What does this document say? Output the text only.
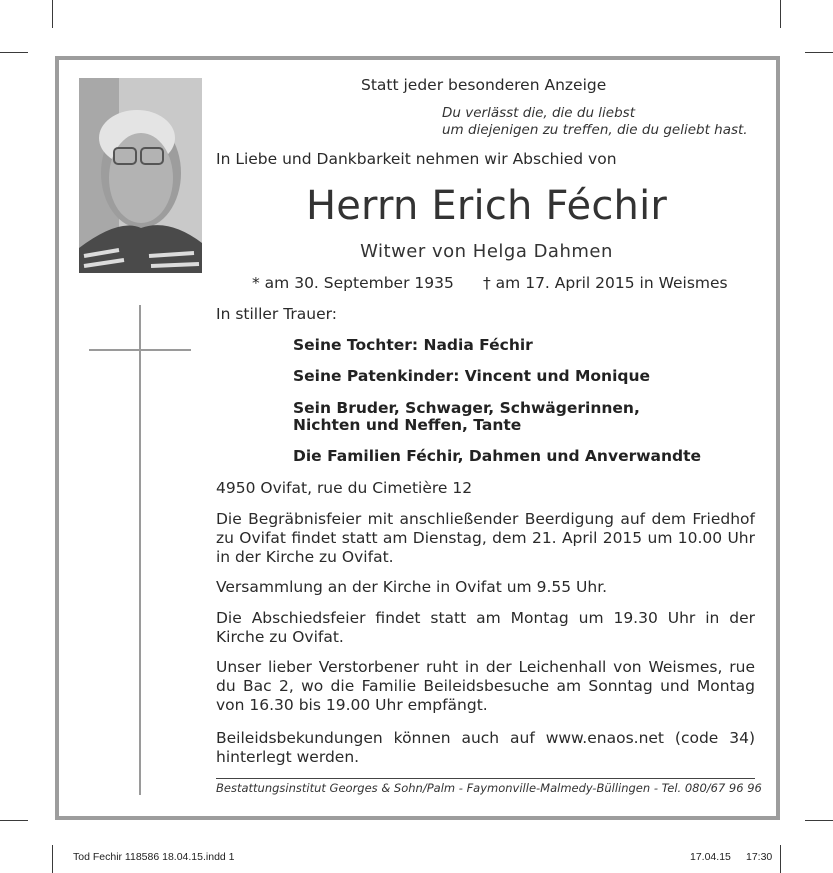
Statt jeder besonderen Anzeige
Du verlässt die, die du liebst
um diejenigen zu treffen, die du geliebt hast.
In Liebe und Dankbarkeit nehmen wir Abschied von
Herrn Erich Féchir
Witwer von Helga Dahmen
* am 30. September 1935 † am 17. April 2015 in Weismes
In stiller Trauer:
Seine Tochter: Nadia Féchir
Seine Patenkinder: Vincent und Monique
Sein Bruder, Schwager, Schwägerinnen,
Nichten und Neffen, Tante
Die Familien Féchir, Dahmen und Anverwandte
4950 Ovifat, rue du Cimetière 12
Die Begräbnisfeier mit anschließender Beerdigung auf dem Friedhof zu Ovifat findet statt am Dienstag, dem 21. April 2015 um 10.00 Uhr in der Kirche zu Ovifat.
Versammlung an der Kirche in Ovifat um 9.55 Uhr.
Die Abschiedsfeier findet statt am Montag um 19.30 Uhr in der Kirche zu Ovifat.
Unser lieber Verstorbener ruht in der Leichenhall von Weismes, rue du Bac 2, wo die Familie Beileidsbesuche am Sonntag und Montag von 16.30 bis 19.00 Uhr empfängt.
Beileidsbekundungen können auch auf www.enaos.net (code 34) hinterlegt werden.
Bestattungsinstitut Georges & Sohn/Palm - Faymonville-Malmedy-Büllingen - Tel. 080/67 96 96
Tod Fechir 118586 18.04.15.indd 1	17.04.15 17:30
